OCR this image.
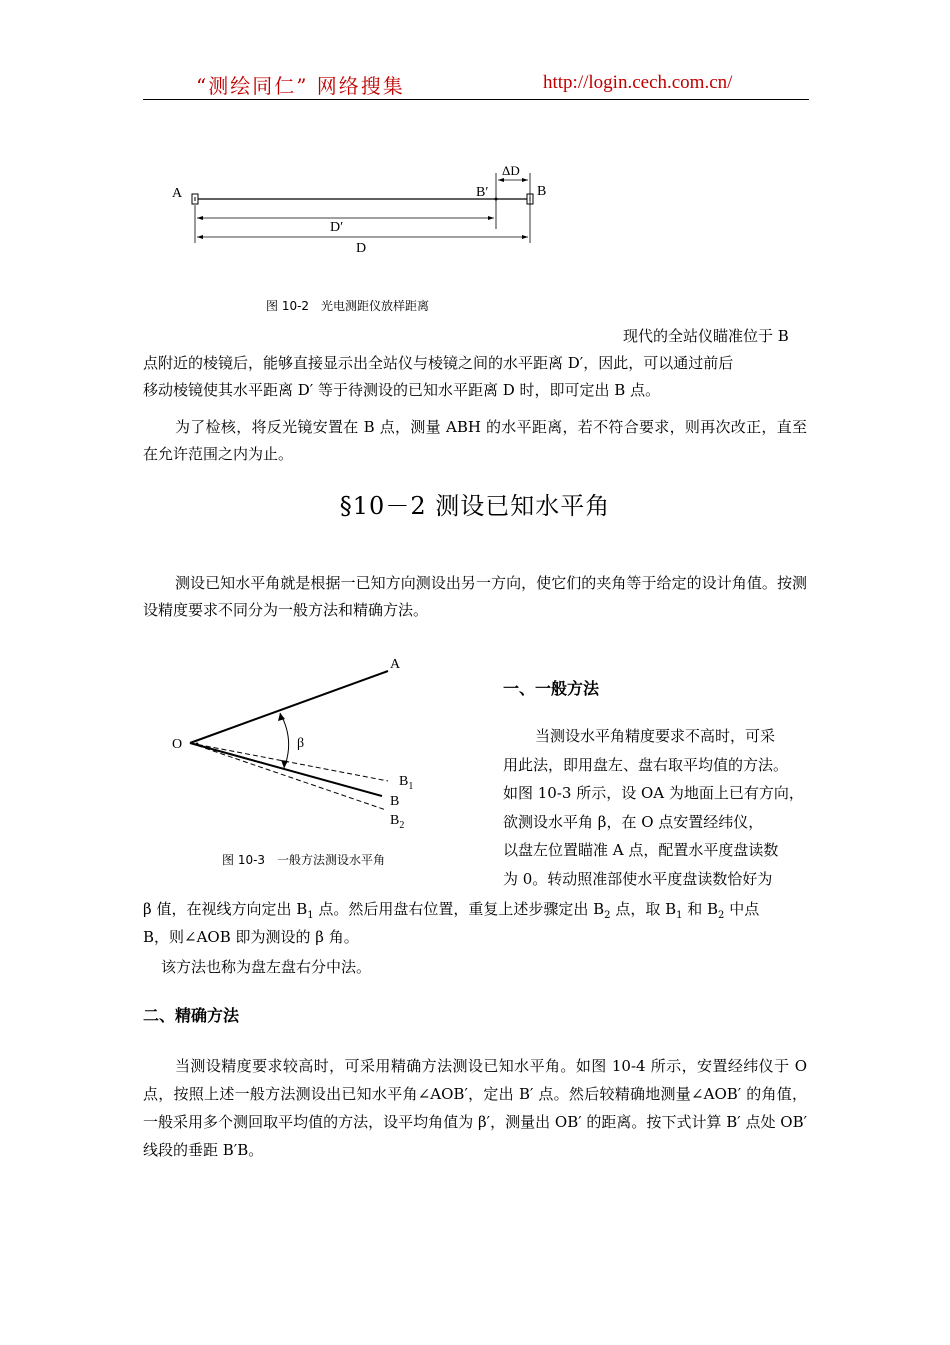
“测绘同仁” 网络搜集	http://login.cech.com.cn/
A	B′	B
ΔD
D′
D
图 10-2　光电测距仪放样距离
现代的全站仪瞄准位于 B
点附近的棱镜后，能够直接显示出全站仪与棱镜之间的水平距离 D′，因此，可以通过前后
移动棱镜使其水平距离 D′ 等于待测设的已知水平距离 D 时，即可定出 B 点。
为了检核，将反光镜安置在 B 点，测量 ABH 的水平距离，若不符合要求，则再次改正，直至在允许范围之内为止。
§10－2 测设已知水平角
测设已知水平角就是根据一已知方向测设出另一方向，使它们的夹角等于给定的设计角值。按测设精度要求不同分为一般方法和精确方法。
A
O	β
$B_1$
B
$B_2$
图 10-3　一般方法测设水平角
一、一般方法
当测设水平角精度要求不高时，可采
用此法，即用盘左、盘右取平均值的方法。
如图 10-3 所示，设 OA 为地面上已有方向，
欲测设水平角 β，在 O 点安置经纬仪，
以盘左位置瞄准 A 点，配置水平度盘读数
为 0。转动照准部使水平度盘读数恰好为
β 值，在视线方向定出 $B_1$ 点。然后用盘右位置，重复上述步骤定出 $B_2$ 点，取 $B_1$ 和 $B_2$ 中点
B，则∠AOB 即为测设的 β 角。
该方法也称为盘左盘右分中法。
二、精确方法
当测设精度要求较高时，可采用精确方法测设已知水平角。如图 10-4 所示，安置经纬仪于 O 点，按照上述一般方法测设出已知水平角∠AOB′，定出 B′ 点。然后较精确地测量∠AOB′ 的角值，一般采用多个测回取平均值的方法，设平均角值为 β′，测量出 OB′ 的距离。按下式计算 B′ 点处 OB′ 线段的垂距 B′B。
